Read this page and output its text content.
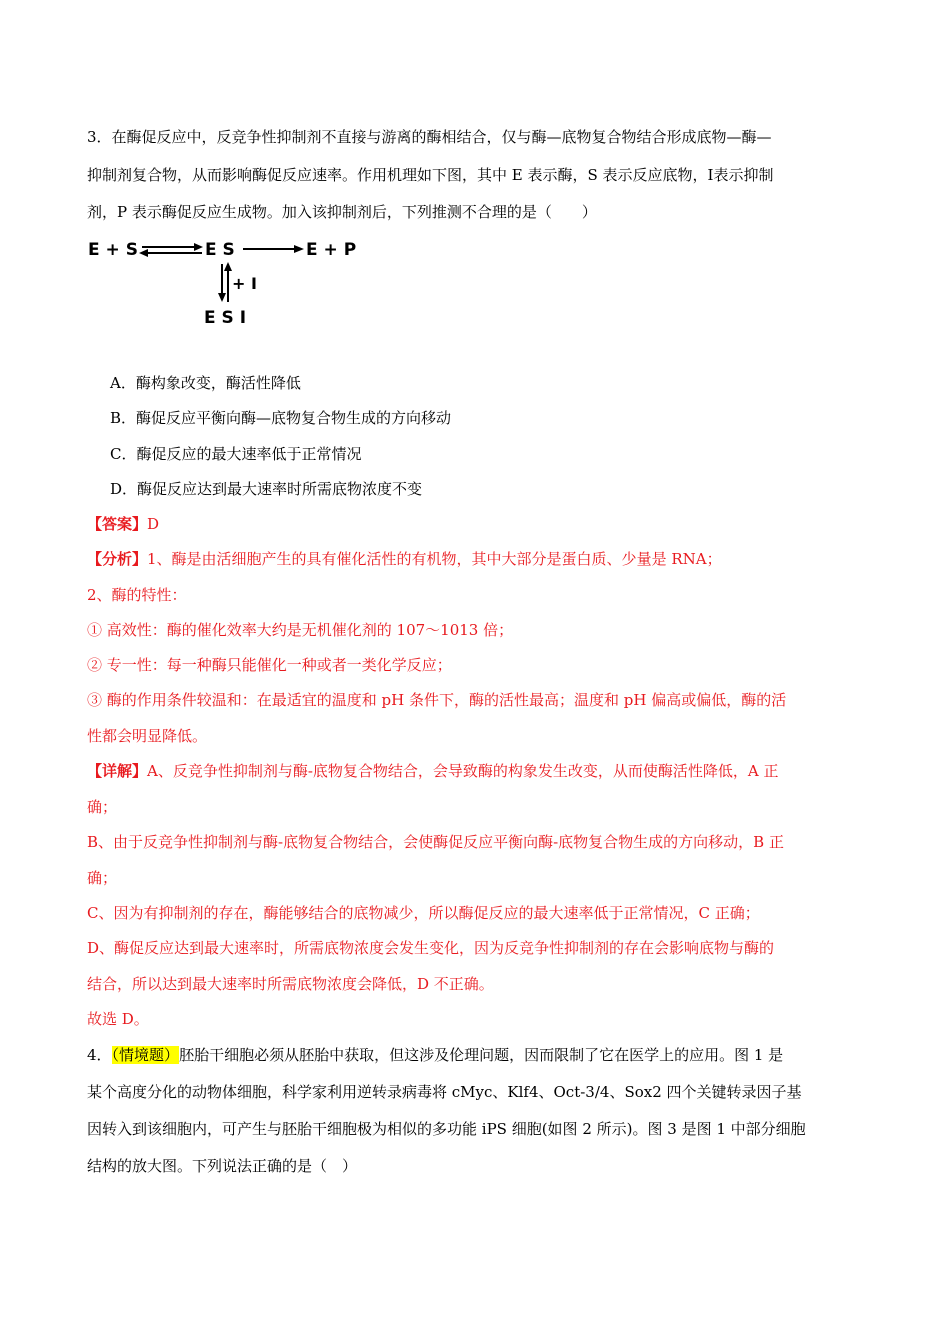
3．在酶促反应中，反竞争性抑制剂不直接与游离的酶相结合，仅与酶—底物复合物结合形成底物—酶—
抑制剂复合物，从而影响酶促反应速率。作用机理如下图，其中 E 表示酶，S 表示反应底物，Ⅰ表示抑制
剂，P 表示酶促反应生成物。加入该抑制剂后，下列推测不合理的是（　　）
E + S	E S	E + P
+ I
E S I
A．酶构象改变，酶活性降低
B．酶促反应平衡向酶—底物复合物生成的方向移动
C．酶促反应的最大速率低于正常情况
D．酶促反应达到最大速率时所需底物浓度不变
【答案】D
【分析】1、酶是由活细胞产生的具有催化活性的有机物，其中大部分是蛋白质、少量是 RNA；
2、酶的特性：
① 高效性：酶的催化效率大约是无机催化剂的 107～1013 倍；
② 专一性：每一种酶只能催化一种或者一类化学反应；
③ 酶的作用条件较温和：在最适宜的温度和 pH 条件下，酶的活性最高；温度和 pH 偏高或偏低，酶的活
性都会明显降低。
【详解】A、反竞争性抑制剂与酶-底物复合物结合，会导致酶的构象发生改变，从而使酶活性降低，A 正
确；
B、由于反竞争性抑制剂与酶-底物复合物结合，会使酶促反应平衡向酶-底物复合物生成的方向移动，B 正
确；
C、因为有抑制剂的存在，酶能够结合的底物减少，所以酶促反应的最大速率低于正常情况，C 正确；
D、酶促反应达到最大速率时，所需底物浓度会发生变化，因为反竞争性抑制剂的存在会影响底物与酶的
结合，所以达到最大速率时所需底物浓度会降低，D 不正确。
故选 D。
4．（情境题）胚胎干细胞必须从胚胎中获取，但这涉及伦理问题，因而限制了它在医学上的应用。图 1 是
某个高度分化的动物体细胞，科学家利用逆转录病毒将 cMyc、Klf4、Oct-3/4、Sox2 四个关键转录因子基
因转入到该细胞内，可产生与胚胎干细胞极为相似的多功能 iPS 细胞(如图 2 所示)。图 3 是图 1 中部分细胞
结构的放大图。下列说法正确的是（　）
